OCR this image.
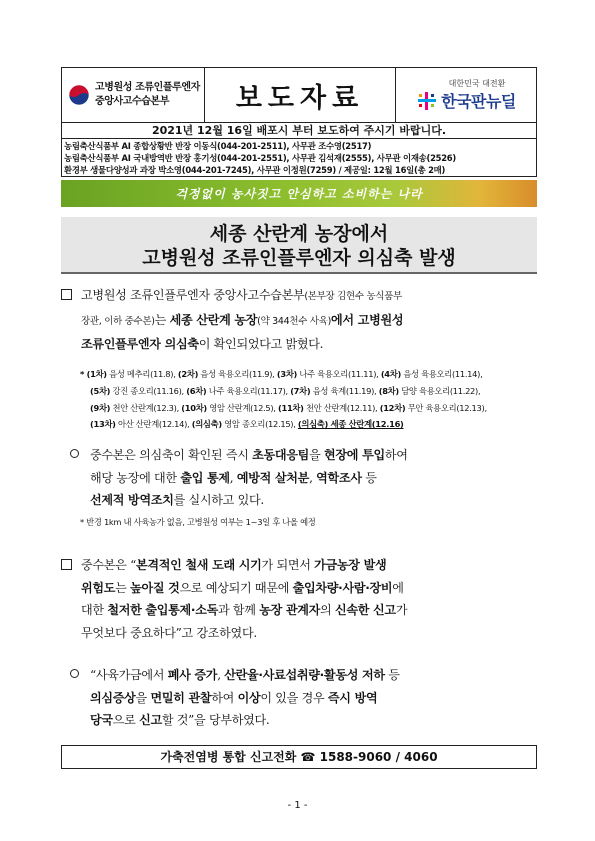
고병원성 조류인플루엔자
중앙사고수습본부	보도자료	대한민국 대전환
한국판뉴딜
2021년 12월 16일 배포시 부터 보도하여 주시기 바랍니다.
농림축산식품부 AI 종합상황반 반장 이동식(044-201-2511), 사무관 조수영(2517)
농림축산식품부 AI 국내방역반 반장 홍기성(044-201-2551), 사무관 김석재(2555), 사무관 이재송(2526)
환경부 생물다양성과 과장 박소영(044-201-7245), 사무관 이정원(7259) / 제공일: 12월 16일(총 2매)
걱정없이 농사짓고 안심하고 소비하는 나라
세종 산란계 농장에서
고병원성 조류인플루엔자 의심축 발생
고병원성 조류인플루엔자 중앙사고수습본부(본부장 김현수 농식품부
장관, 이하 중수본)는 세종 산란계 농장(약 344천수 사육)에서 고병원성
조류인플루엔자 의심축이 확인되었다고 밝혔다.
* (1차) 음성 메추리(11.8), (2차) 음성 육용오리(11.9), (3차) 나주 육용오리(11.11), (4차) 음성 육용오리(11.14),
(5차) 강진 종오리(11.16), (6차) 나주 육용오리(11.17), (7차) 음성 육계(11.19), (8차) 담양 육용오리(11.22),
(9차) 천안 산란계(12.3), (10차) 영암 산란계(12.5), (11차) 천안 산란계(12.11), (12차) 무안 육용오리(12.13),
(13차) 아산 산란계(12.14), (의심축) 영암 종오리(12.15), (의심축) 세종 산란계(12.16)
중수본은 의심축이 확인된 즉시 초동대응팀을 현장에 투입하여
해당 농장에 대한 출입 통제, 예방적 살처분, 역학조사 등
선제적 방역조치를 실시하고 있다.
* 반경 1km 내 사육농가 없음, 고병원성 여부는 1~3일 후 나올 예정
중수본은 “본격적인 철새 도래 시기가 되면서 가금농장 발생
위험도는 높아질 것으로 예상되기 때문에 출입차량·사람·장비에
대한 철저한 출입통제·소독과 함께 농장 관계자의 신속한 신고가
무엇보다 중요하다”고 강조하였다.
“사육가금에서 폐사 증가, 산란율·사료섭취량·활동성 저하 등
의심증상을 면밀히 관찰하여 이상이 있을 경우 즉시 방역
당국으로 신고할 것”을 당부하였다.
가축전염병 통합 신고전화 ☎ 1588-9060 / 4060
- 1 -
